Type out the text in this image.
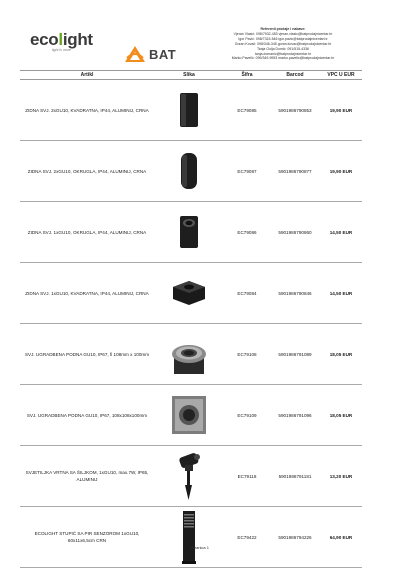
ecolight
light is more	BAT
Referenti prodaje i nabave:
Vjeran Vlasić: 098/7932-453 vjeran.vlasic@batprodajnicentar.hr
Igor Pavić: 098/7315-546 igor.pavic@batprodajnicentar.hr
Goran Kovač: 098/346-345 goran.kovac@batprodajnicentar.hr
Tanja Golja Domić: 091/515-4336
tanja.domanic@batprodajnicentar.hr
Marko Pavelić: 099/349-9953 marko.pavelic@batprodajnicentar.hr
Artikl	Slika	Šifra	Barcod	VPC U EUR
ZIDNA SVJ. 2xGU10, KVADRATNA, IP44, ALUMINIJ, CRNA		EC79085	5901986790853	19,90 EUR
ZIDNA SVJ. 2xGU10, OKRUGLA, IP44, ALUMINIJ, CRNA		EC79087	5901986790877	19,90 EUR
ZIDNA SVJ. 1xGU10, OKRUGLA, IP44, ALUMINIJ, CRNA		EC79086	5901986790860	14,50 EUR
ZIDNA SVJ. 1xGU10, KVADRATNA, IP44, ALUMINIJ, CRNA		EC79084	5901986790846	14,50 EUR
SVJ. UGRADBENA PODNA GU10, IP67, fi 108mm x 100mm		EC79108	5901986791089	18,05 EUR
SVJ. UGRADBENA PODNA GU10, IP67, 108x108x100mm		EC79109	5901986791096	18,05 EUR
SVJETILJKA VRTNA SA ŠILJKOM, 1xGU10, max.7W, IP65, ALUMINIJ		EC79118	5901986791181	13,20 EUR
ECOLIGHT STUPIĆ SA PIR SENZOROM 1xGU10, 60x11x6,5cm CRN		EC79422	5901986794226	64,90 EUR
Stranica 1
